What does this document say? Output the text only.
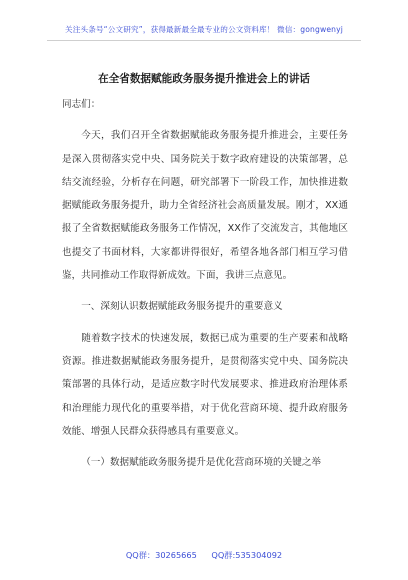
关注头条号“公文研究”，获得最新最全最专业的公文资料库！ 微信：gongwenyj
在全省数据赋能政务服务提升推进会上的讲话

同志们：

今天，我们召开全省数据赋能政务服务提升推进会，主要任务是深入贯彻落实党中央、国务院关于数字政府建设的决策部署，总结交流经验，分析存在问题，研究部署下一阶段工作，加快推进数据赋能政务服务提升，助力全省经济社会高质量发展。刚才，XX通报了全省数据赋能政务服务工作情况，XX作了交流发言，其他地区也提交了书面材料，大家都讲得很好，希望各地各部门相互学习借鉴，共同推动工作取得新成效。下面，我讲三点意见。

一、深刻认识数据赋能政务服务提升的重要意义

随着数字技术的快速发展，数据已成为重要的生产要素和战略资源。推进数据赋能政务服务提升，是贯彻落实党中央、国务院决策部署的具体行动，是适应数字时代发展要求、推进政府治理体系和治理能力现代化的重要举措，对于优化营商环境、提升政府服务效能、增强人民群众获得感具有重要意义。

（一）数据赋能政务服务提升是优化营商环境的关键之举

QQ群：30265665 QQ群:535304092
